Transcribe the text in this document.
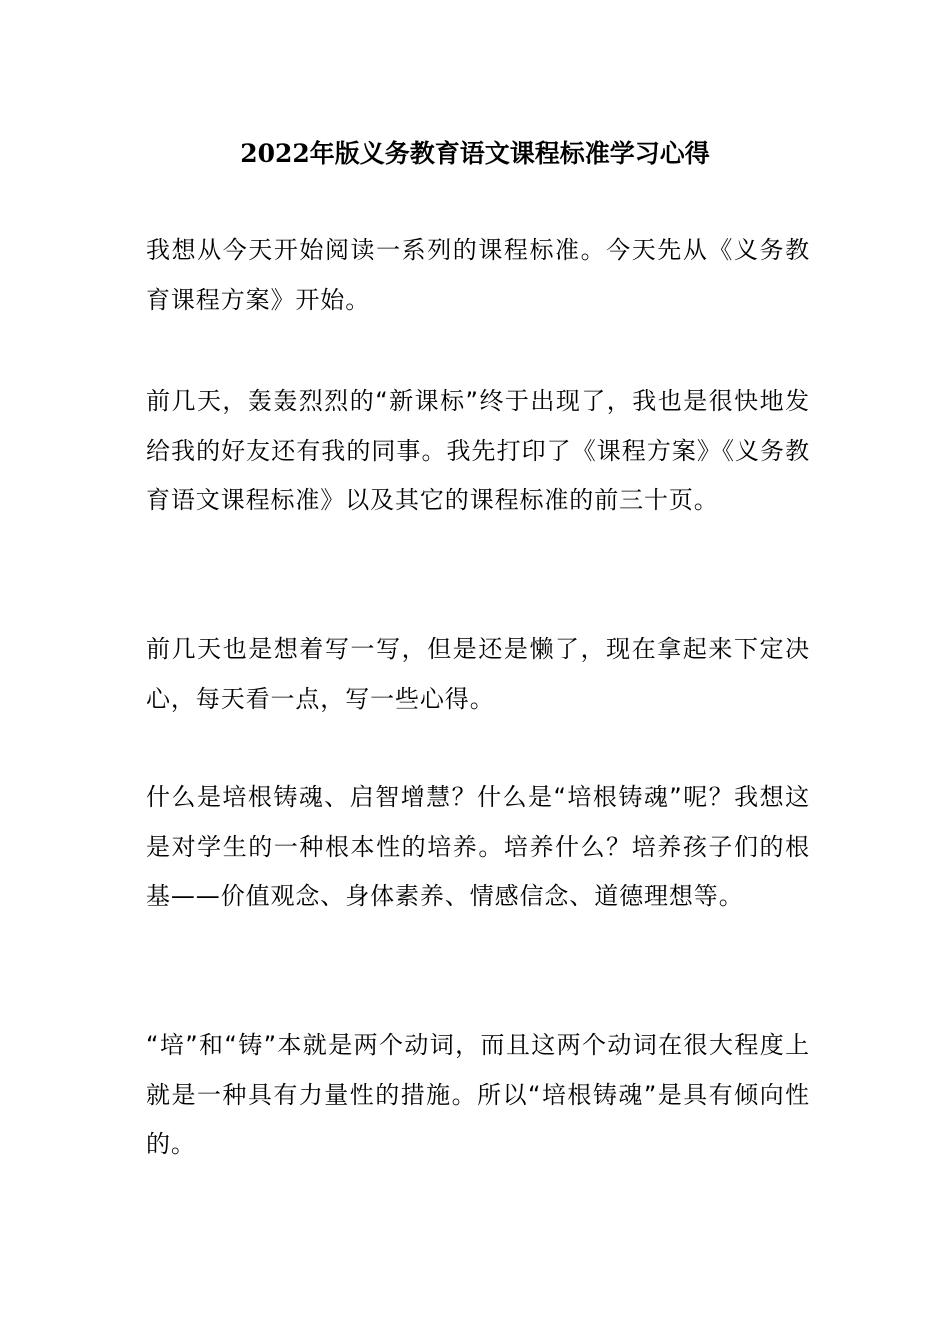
2022年版义务教育语文课程标准学习心得

我想从今天开始阅读一系列的课程标准。今天先从《义务教育课程方案》开始。

前几天，轰轰烈烈的“新课标”终于出现了，我也是很快地发给我的好友还有我的同事。我先打印了《课程方案》《义务教育语文课程标准》以及其它的课程标准的前三十页。

前几天也是想着写一写，但是还是懒了，现在拿起来下定决心，每天看一点，写一些心得。

什么是培根铸魂、启智增慧？什么是“培根铸魂”呢？我想这是对学生的一种根本性的培养。培养什么？培养孩子们的根基——价值观念、身体素养、情感信念、道德理想等。

“培”和“铸”本就是两个动词，而且这两个动词在很大程度上就是一种具有力量性的措施。所以“培根铸魂”是具有倾向性的。
